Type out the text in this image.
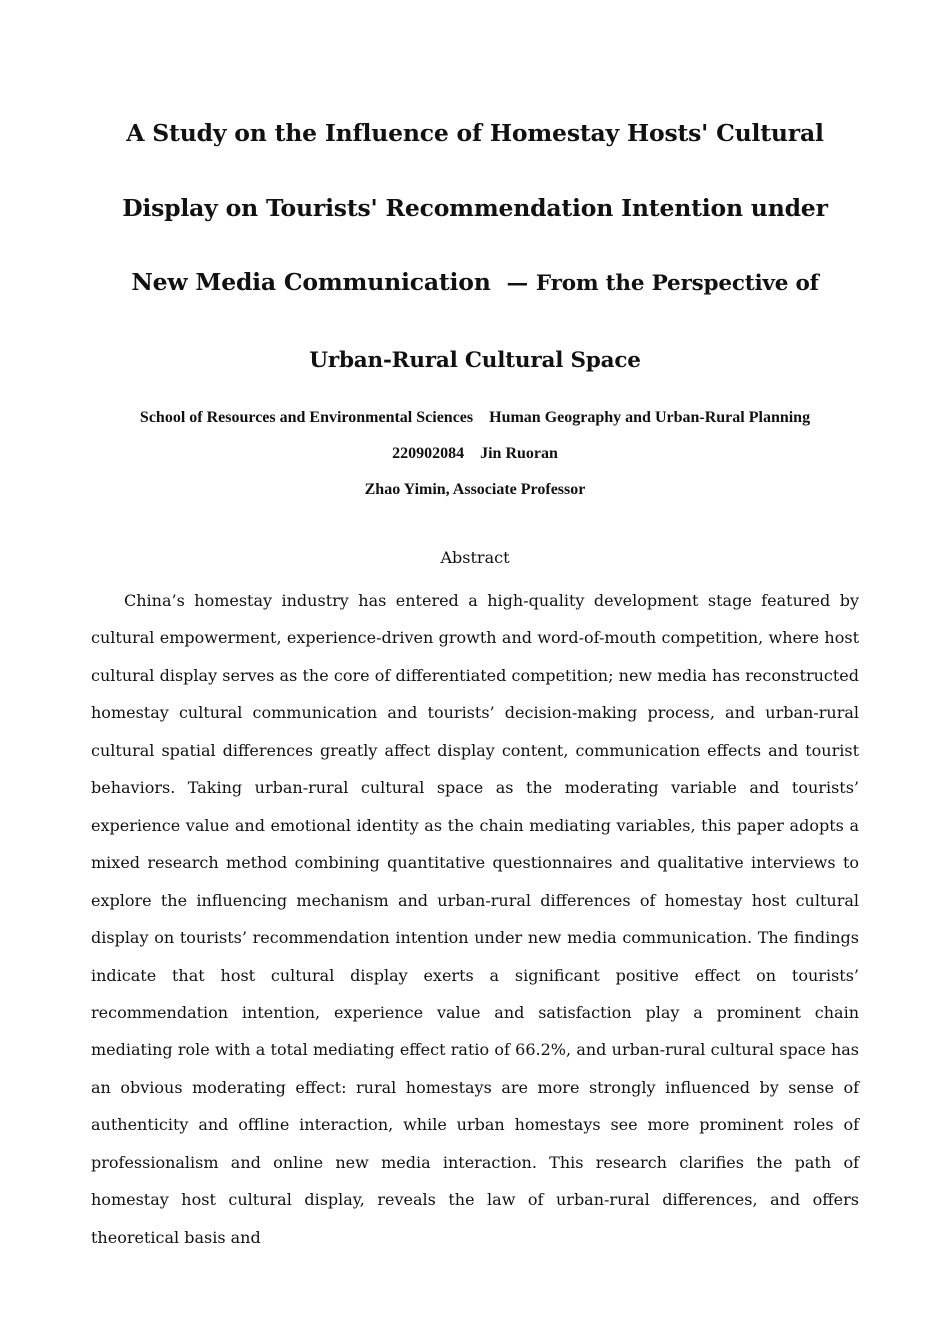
A Study on the Influence of Homestay Hosts' Cultural Display on Tourists' Recommendation Intention under New Media Communication — From the Perspective of Urban-Rural Cultural Space
School of Resources and Environmental Sciences Human Geography and Urban-Rural Planning
220902084 Jin Ruoran
Zhao Yimin, Associate Professor
Abstract

China’s homestay industry has entered a high-quality development stage featured by cultural empowerment, experience-driven growth and word-of-mouth competition, where host cultural display serves as the core of differentiated competition; new media has reconstructed homestay cultural communication and tourists’ decision-making process, and urban-rural cultural spatial differences greatly affect display content, communication effects and tourist behaviors. Taking urban-rural cultural space as the moderating variable and tourists’ experience value and emotional identity as the chain mediating variables, this paper adopts a mixed research method combining quantitative questionnaires and qualitative interviews to explore the influencing mechanism and urban-rural differences of homestay host cultural display on tourists’ recommendation intention under new media communication. The findings indicate that host cultural display exerts a significant positive effect on tourists’ recommendation intention, experience value and satisfaction play a prominent chain mediating role with a total mediating effect ratio of 66.2%, and urban-rural cultural space has an obvious moderating effect: rural homestays are more strongly influenced by sense of authenticity and offline interaction, while urban homestays see more prominent roles of professionalism and online new media interaction. This research clarifies the path of homestay host cultural display, reveals the law of urban-rural differences, and offers theoretical basis and
